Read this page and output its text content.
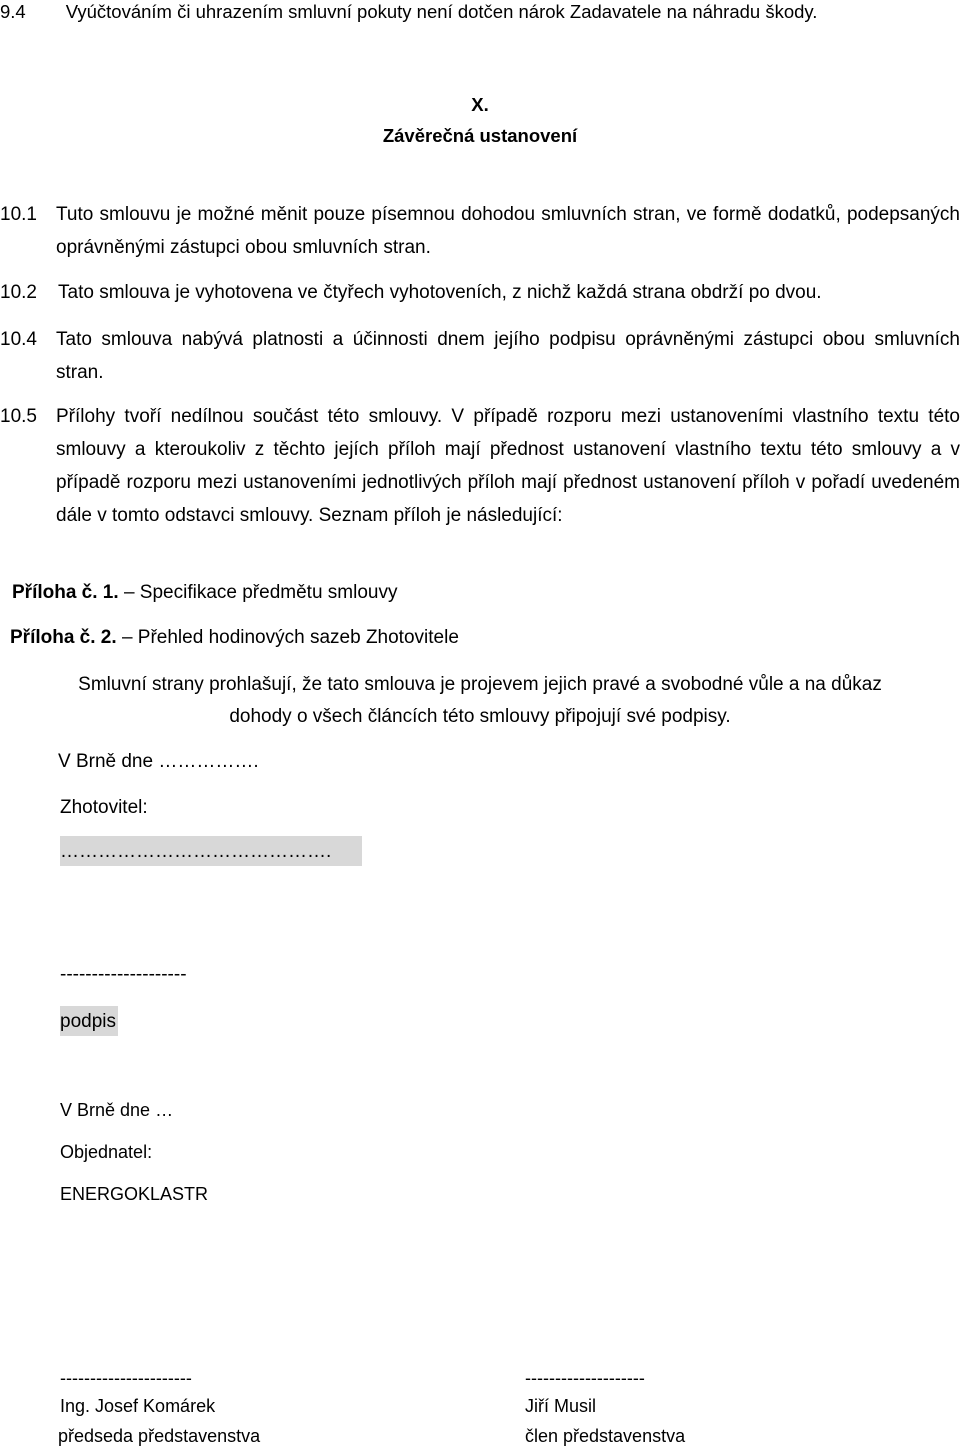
9.4 Vyúčtováním či uhrazením smluvní pokuty není dotčen nárok Zadavatele na náhradu škody.
X.
Závěrečná ustanovení
10.1 Tuto smlouvu je možné měnit pouze písemnou dohodou smluvních stran, ve formě dodatků, podepsaných oprávněnými zástupci obou smluvních stran.
10.2 Tato smlouva je vyhotovena ve čtyřech vyhotoveních, z nichž každá strana obdrží po dvou.
10.4 Tato smlouva nabývá platnosti a účinnosti dnem jejího podpisu oprávněnými zástupci obou smluvních stran.
10.5 Přílohy tvoří nedílnou součást této smlouvy. V případě rozporu mezi ustanoveními vlastního textu této smlouvy a kteroukoliv z těchto jejích příloh mají přednost ustanovení vlastního textu této smlouvy a v případě rozporu mezi ustanoveními jednotlivých příloh mají přednost ustanovení příloh v pořadí uvedeném dále v tomto odstavci smlouvy. Seznam příloh je následující:
Příloha č. 1. – Specifikace předmětu smlouvy
Příloha č. 2. – Přehled hodinových sazeb Zhotovitele
Smluvní strany prohlašují, že tato smlouva je projevem jejich pravé a svobodné vůle a na důkaz
dohody o všech článcích této smlouvy připojují své podpisy.
V Brně dne …………….
Zhotovitel:
…………………………………….
--------------------
podpis
V Brně dne …
Objednatel:
ENERGOKLASTR
----------------------
Ing. Josef Komárek
předseda představenstva
--------------------
Jiří Musil
člen představenstva
